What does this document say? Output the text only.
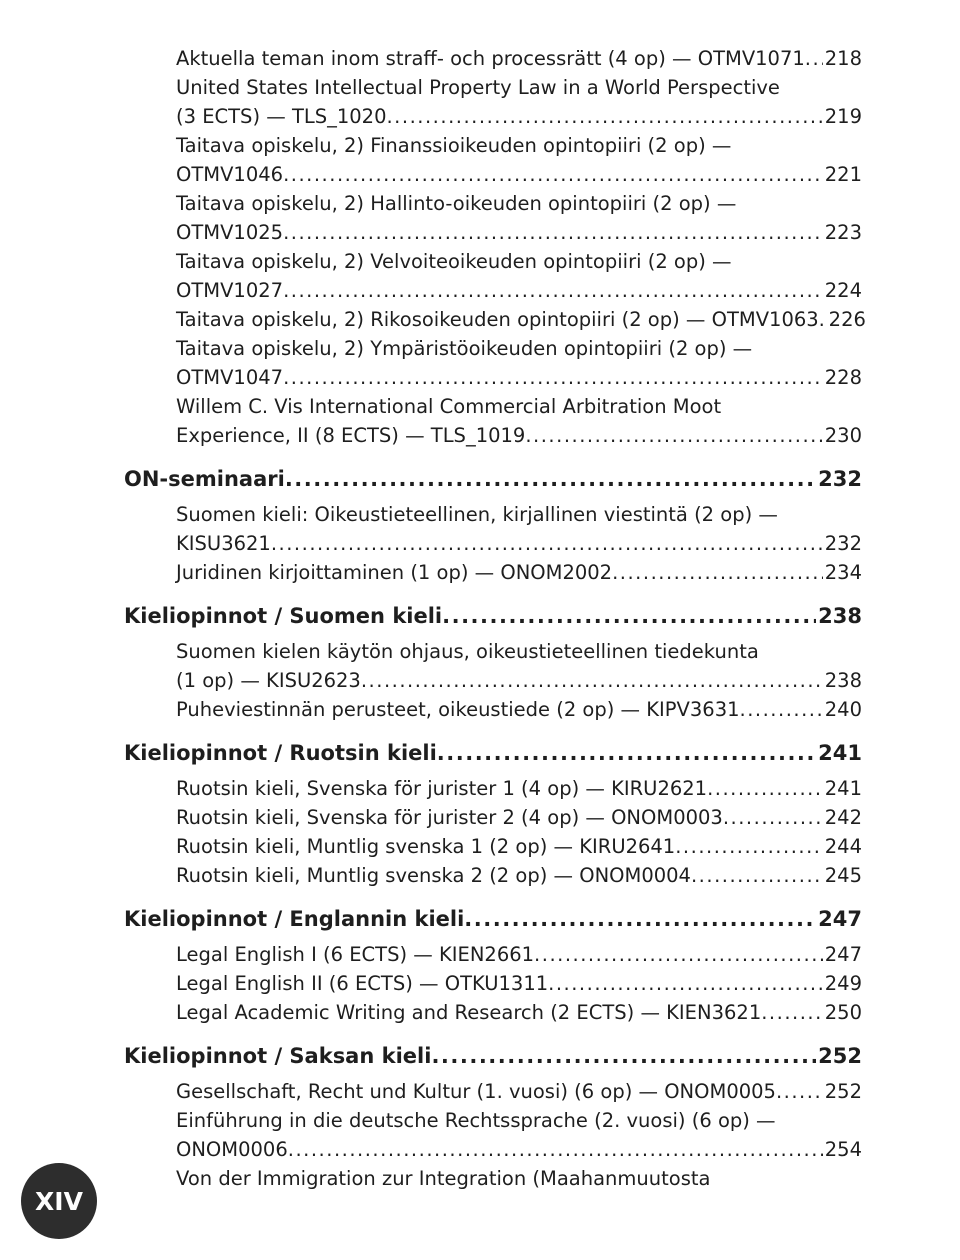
Aktuella teman inom straff- och processrätt (4 op) — OTMV1071 ..... 218
United States Intellectual Property Law in a World Perspective
(3 ECTS) — TLS_1020 .....	219
Taitava opiskelu, 2) Finanssioikeuden opintopiiri (2 op) —
OTMV1046 .....	221
Taitava opiskelu, 2) Hallinto-oikeuden opintopiiri (2 op) —
OTMV1025 .....	223
Taitava opiskelu, 2) Velvoiteoikeuden opintopiiri (2 op) —
OTMV1027 .....	224
Taitava opiskelu, 2) Rikosoikeuden opintopiiri (2 op) — OTMV1063 ..... 226
Taitava opiskelu, 2) Ympäristöoikeuden opintopiiri (2 op) —
OTMV1047 .....	228
Willem C. Vis International Commercial Arbitration Moot
Experience, II (8 ECTS) — TLS_1019 .....	230
ON-seminaari .....	232
Suomen kieli: Oikeustieteellinen, kirjallinen viestintä (2 op) —
KISU3621 .....	232
Juridinen kirjoittaminen (1 op) — ONOM2002 .....	234
Kieliopinnot / Suomen kieli .....	238
Suomen kielen käytön ohjaus, oikeustieteellinen tiedekunta
(1 op) — KISU2623 .....	238
Puheviestinnän perusteet, oikeustiede (2 op) — KIPV3631 .....	240
Kieliopinnot / Ruotsin kieli .....	241
Ruotsin kieli, Svenska för jurister 1 (4 op) — KIRU2621 .....	241
Ruotsin kieli, Svenska för jurister 2 (4 op) — ONOM0003 .....	242
Ruotsin kieli, Muntlig svenska 1 (2 op) — KIRU2641 .....	244
Ruotsin kieli, Muntlig svenska 2 (2 op) — ONOM0004 .....	245
Kieliopinnot / Englannin kieli .....	247
Legal English I (6 ECTS) — KIEN2661 .....	247
Legal English II (6 ECTS) — OTKU1311 .....	249
Legal Academic Writing and Research (2 ECTS) — KIEN3621 .....	250
Kieliopinnot / Saksan kieli .....	252
Gesellschaft, Recht und Kultur (1. vuosi) (6 op) — ONOM0005 .....	252
Einführung in die deutsche Rechtssprache (2. vuosi) (6 op) —
ONOM0006 .....	254
Von der Immigration zur Integration (Maahanmuutosta
XIV
